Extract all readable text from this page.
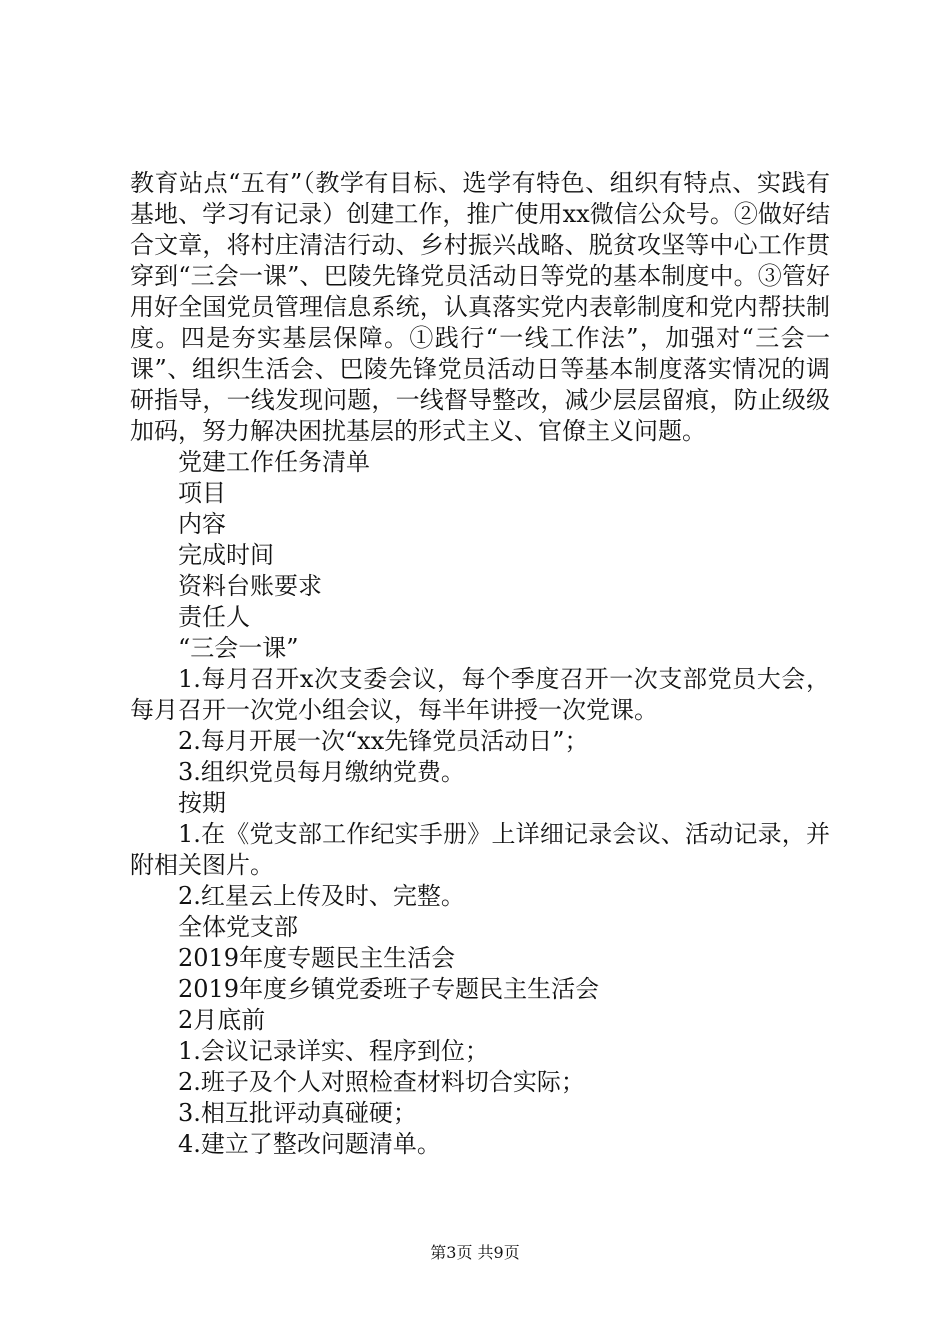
教育站点“五有”（教学有目标、选学有特色、组织有特点、实践有基地、学习有记录）创建工作，推广使用xx微信公众号。②做好结合文章，将村庄清洁行动、乡村振兴战略、脱贫攻坚等中心工作贯穿到“三会一课”、巴陵先锋党员活动日等党的基本制度中。③管好用好全国党员管理信息系统，认真落实党内表彰制度和党内帮扶制度。四是夯实基层保障。①践行“一线工作法”，加强对“三会一课”、组织生活会、巴陵先锋党员活动日等基本制度落实情况的调研指导，一线发现问题，一线督导整改，减少层层留痕，防止级级加码，努力解决困扰基层的形式主义、官僚主义问题。

党建工作任务清单

项目

内容

完成时间

资料台账要求

责任人

“三会一课”

1.每月召开x次支委会议，每个季度召开一次支部党员大会，每月召开一次党小组会议，每半年讲授一次党课。

2.每月开展一次“xx先锋党员活动日”；

3.组织党员每月缴纳党费。

按期

1.在《党支部工作纪实手册》上详细记录会议、活动记录，并附相关图片。

2.红星云上传及时、完整。

全体党支部

2019年度专题民主生活会

2019年度乡镇党委班子专题民主生活会

2月底前

1.会议记录详实、程序到位；

2.班子及个人对照检查材料切合实际；

3.相互批评动真碰硬；

4.建立了整改问题清单。

第3页 共9页
